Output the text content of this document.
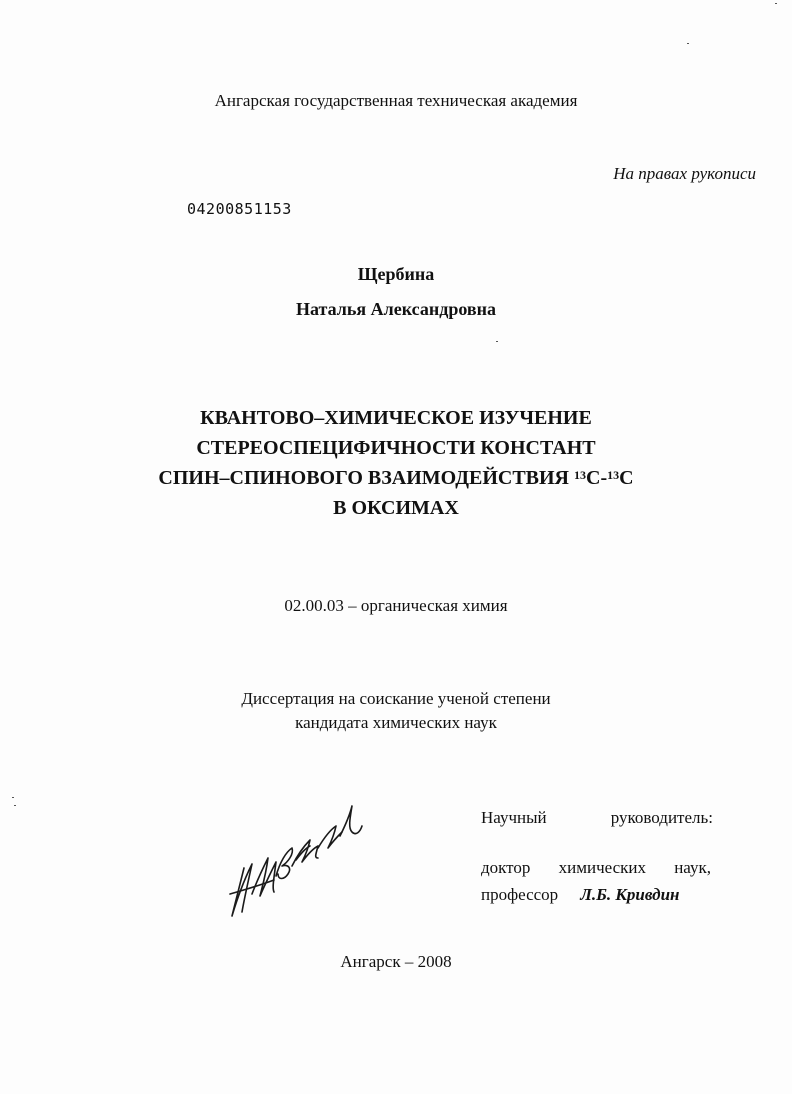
Ангарская государственная техническая академия
На правах рукописи
04200851153
Щербина
Наталья Александровна
КВАНТОВО–ХИМИЧЕСКОЕ ИЗУЧЕНИЕ
СТЕРЕОСПЕЦИФИЧНОСТИ КОНСТАНТ
СПИН–СПИНОВОГО ВЗАИМОДЕЙСТВИЯ $^{13}$С-$^{13}$С
В ОКСИМАХ
02.00.03 – органическая химия
Диссертация на соискание ученой степени
кандидата химических наук
Научный	руководитель:
доктор химических наук,
профессор Л.Б. Кривдин
Ангарск – 2008
